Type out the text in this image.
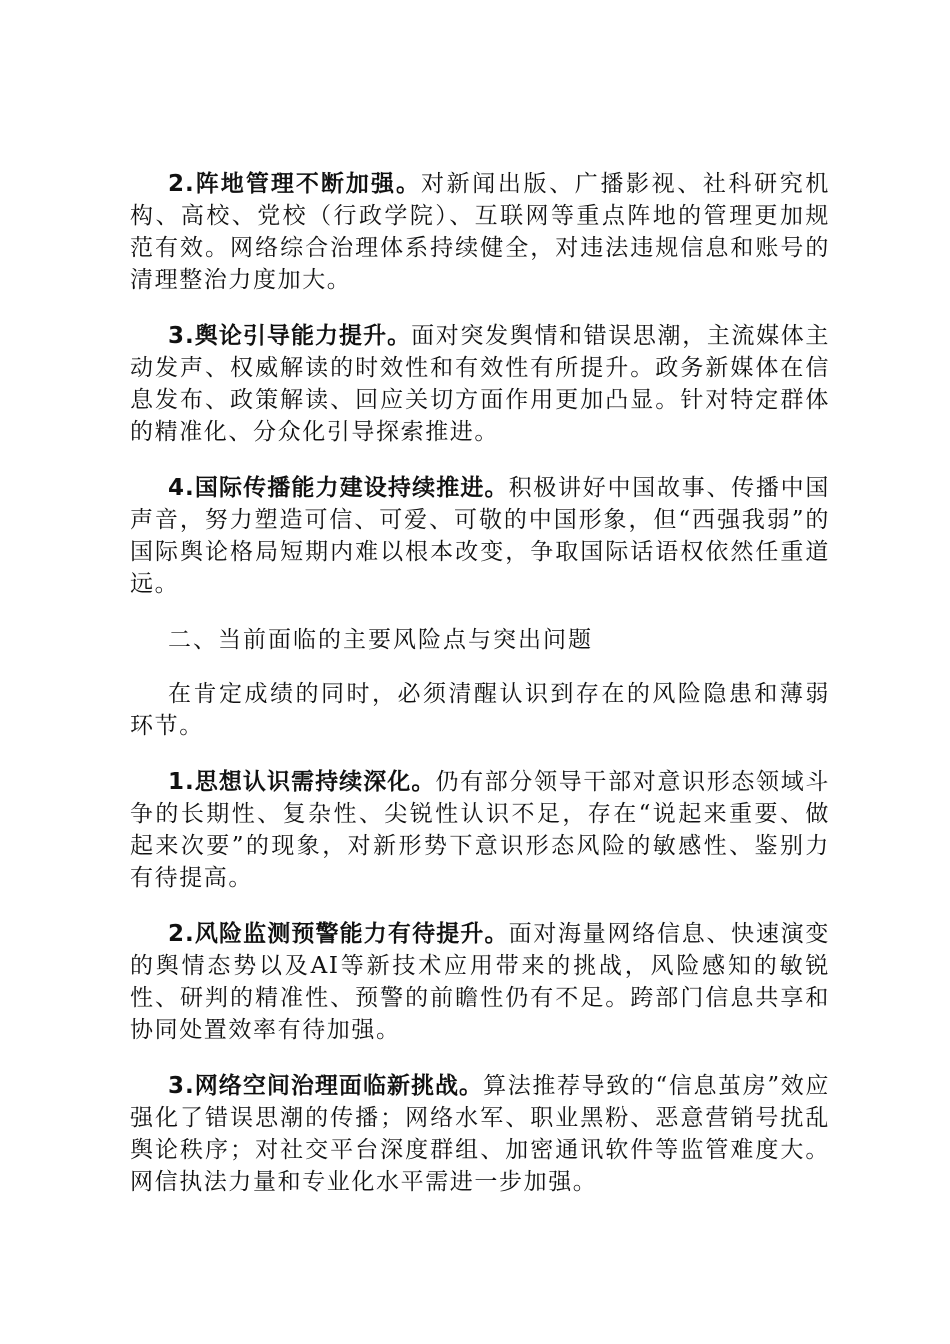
2.阵地管理不断加强。对新闻出版、广播影视、社科研究机构、高校、党校（行政学院）、互联网等重点阵地的管理更加规范有效。网络综合治理体系持续健全，对违法违规信息和账号的清理整治力度加大。

3.舆论引导能力提升。面对突发舆情和错误思潮，主流媒体主动发声、权威解读的时效性和有效性有所提升。政务新媒体在信息发布、政策解读、回应关切方面作用更加凸显。针对特定群体的精准化、分众化引导探索推进。

4.国际传播能力建设持续推进。积极讲好中国故事、传播中国声音，努力塑造可信、可爱、可敬的中国形象，但“西强我弱”的国际舆论格局短期内难以根本改变，争取国际话语权依然任重道远。

二、当前面临的主要风险点与突出问题

在肯定成绩的同时，必须清醒认识到存在的风险隐患和薄弱环节。

1.思想认识需持续深化。仍有部分领导干部对意识形态领域斗争的长期性、复杂性、尖锐性认识不足，存在“说起来重要、做起来次要”的现象，对新形势下意识形态风险的敏感性、鉴别力有待提高。

2.风险监测预警能力有待提升。面对海量网络信息、快速演变的舆情态势以及AI等新技术应用带来的挑战，风险感知的敏锐性、研判的精准性、预警的前瞻性仍有不足。跨部门信息共享和协同处置效率有待加强。

3.网络空间治理面临新挑战。算法推荐导致的“信息茧房”效应强化了错误思潮的传播；网络水军、职业黑粉、恶意营销号扰乱舆论秩序；对社交平台深度群组、加密通讯软件等监管难度大。网信执法力量和专业化水平需进一步加强。
